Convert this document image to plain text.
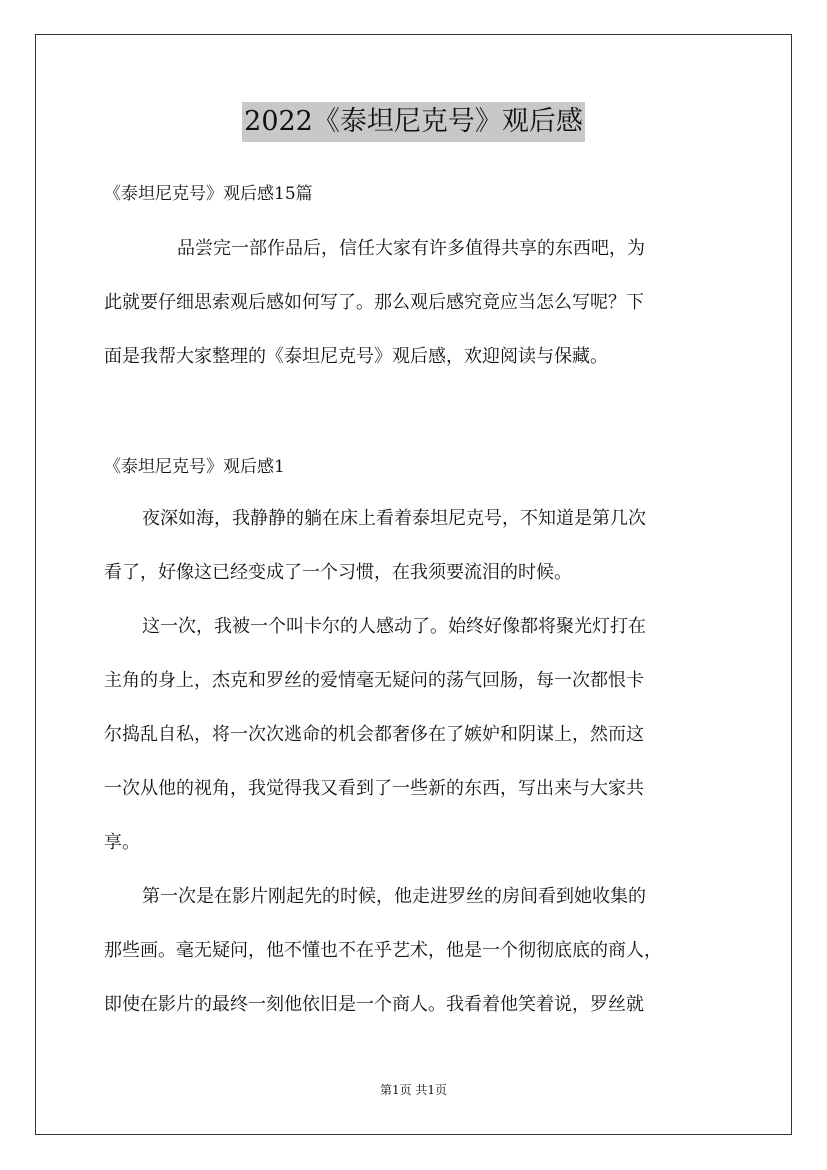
2022《泰坦尼克号》观后感
《泰坦尼克号》观后感15篇
品尝完一部作品后，信任大家有许多值得共享的东西吧，为
此就要仔细思索观后感如何写了。那么观后感究竟应当怎么写呢？下
面是我帮大家整理的《泰坦尼克号》观后感，欢迎阅读与保藏。
《泰坦尼克号》观后感1
夜深如海，我静静的躺在床上看着泰坦尼克号，不知道是第几次
看了，好像这已经变成了一个习惯，在我须要流泪的时候。
这一次，我被一个叫卡尔的人感动了。始终好像都将聚光灯打在
主角的身上，杰克和罗丝的爱情毫无疑问的荡气回肠，每一次都恨卡
尔捣乱自私，将一次次逃命的机会都奢侈在了嫉妒和阴谋上，然而这
一次从他的视角，我觉得我又看到了一些新的东西，写出来与大家共
享。
第一次是在影片刚起先的时候，他走进罗丝的房间看到她收集的
那些画。毫无疑问，他不懂也不在乎艺术，他是一个彻彻底底的商人，
即使在影片的最终一刻他依旧是一个商人。我看着他笑着说，罗丝就
第1页 共1页
